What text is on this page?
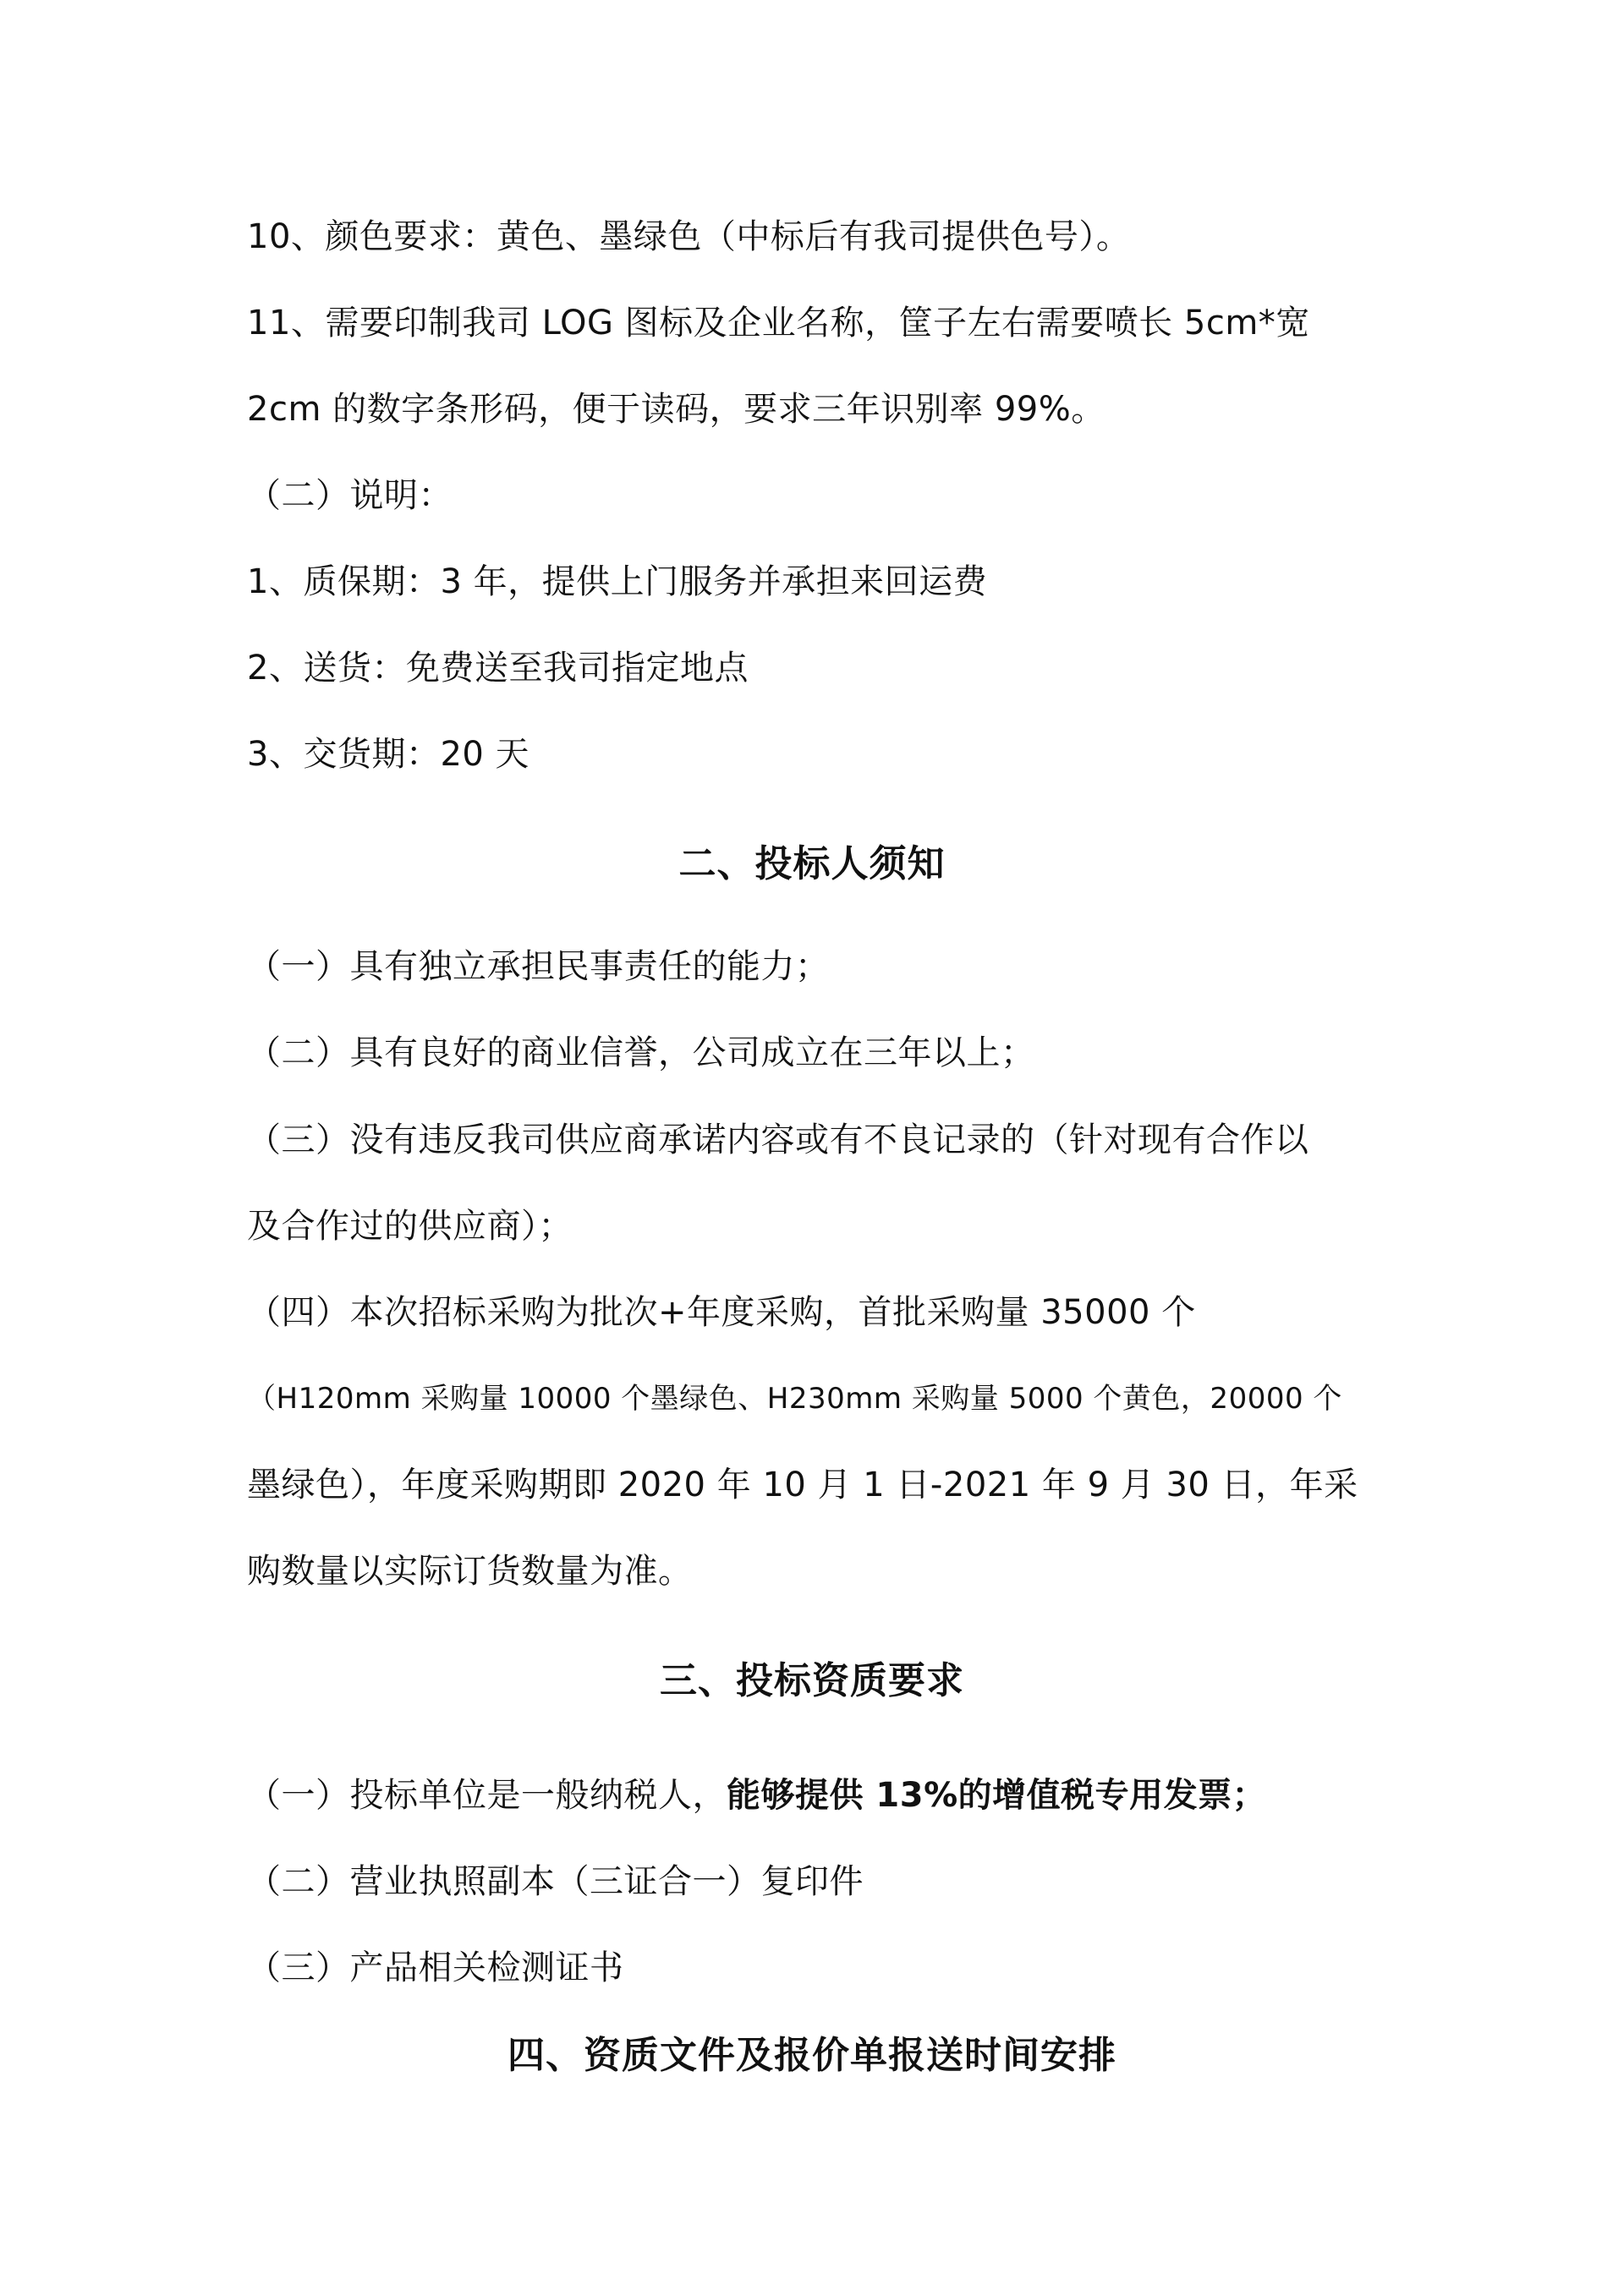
10、颜色要求：黄色、墨绿色（中标后有我司提供色号）。
11、需要印制我司 LOG 图标及企业名称，筐子左右需要喷长 5cm*宽
2cm 的数字条形码，便于读码，要求三年识别率 99%。
（二）说明：
1、质保期：3 年，提供上门服务并承担来回运费
2、送货：免费送至我司指定地点
3、交货期：20 天
二、投标人须知
（一）具有独立承担民事责任的能力；
（二）具有良好的商业信誉，公司成立在三年以上；
（三）没有违反我司供应商承诺内容或有不良记录的（针对现有合作以
及合作过的供应商）；
（四）本次招标采购为批次+年度采购，首批采购量 35000 个
（H120mm 采购量 10000 个墨绿色、H230mm 采购量 5000 个黄色，20000 个
墨绿色），年度采购期即 2020 年 10 月 1 日-2021 年 9 月 30 日，年采
购数量以实际订货数量为准。
三、投标资质要求
（一）投标单位是一般纳税人，能够提供 13%的增值税专用发票；
（二）营业执照副本（三证合一）复印件
（三）产品相关检测证书
四、资质文件及报价单报送时间安排
